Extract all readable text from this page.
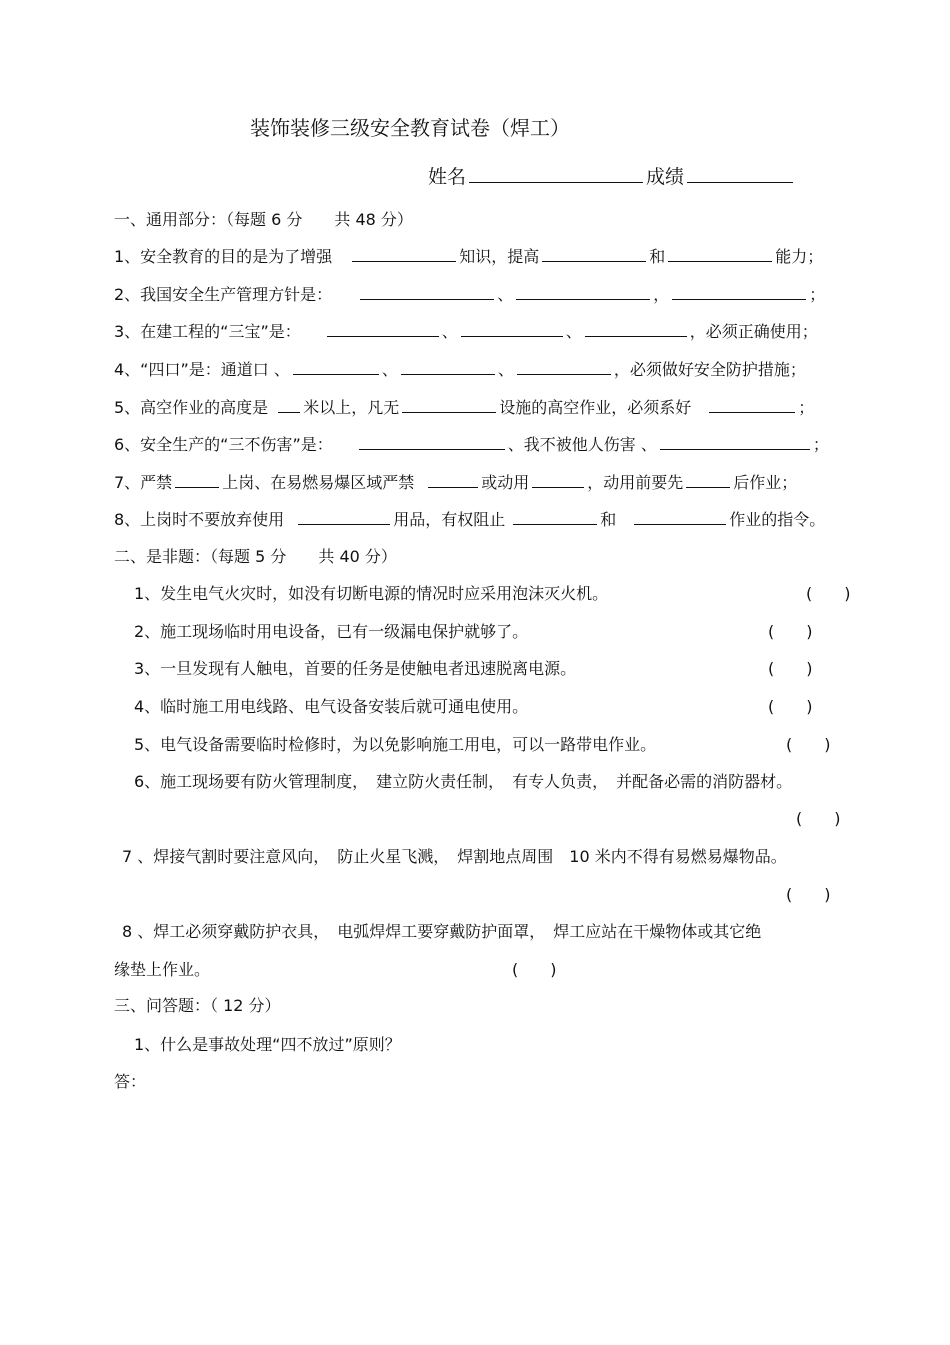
装饰装修三级安全教育试卷（焊工）
姓名	成绩
一、通用部分：（每题 6 分　　共 48 分）
1、安全教育的目的是为了增强	知识，提高	和	能力；
2、我国安全生产管理方针是：	、	，	；
3、在建工程的“三宝”是：	、	、	，必须正确使用；
4、“四口”是：通道口 、	、	、	，必须做好安全防护措施；
5、高空作业的高度是 米以上，凡无	设施的高空作业，必须系好	；
6、安全生产的“三不伤害”是：	、我不被他人伤害 、	；
7、严禁	上岗、在易燃易爆区域严禁	或动用	，动用前要先	后作业；
8、上岗时不要放弃使用	用品，有权阻止	和	作业的指令。
二、是非题：（每题 5 分　　共 40 分）
1、发生电气火灾时，如没有切断电源的情况时应采用泡沫灭火机。	(　　)
2、施工现场临时用电设备，已有一级漏电保护就够了。	(　　)
3、一旦发现有人触电，首要的任务是使触电者迅速脱离电源。	(　　)
4、临时施工用电线路、电气设备安装后就可通电使用。	(　　)
5、电气设备需要临时检修时，为以免影响施工用电，可以一路带电作业。	(　　)
6、施工现场要有防火管理制度，　建立防火责任制，　有专人负责，　并配备必需的消防器材。
(　　)
7 、焊接气割时要注意风向，　防止火星飞溅，　焊割地点周围　10 米内不得有易燃易爆物品。
(　　)
8 、焊工必须穿戴防护衣具，　电弧焊焊工要穿戴防护面罩，　焊工应站在干燥物体或其它绝
缘垫上作业。	(　　)
三、问答题：（ 12 分）
1、什么是事故处理“四不放过”原则？
答：
